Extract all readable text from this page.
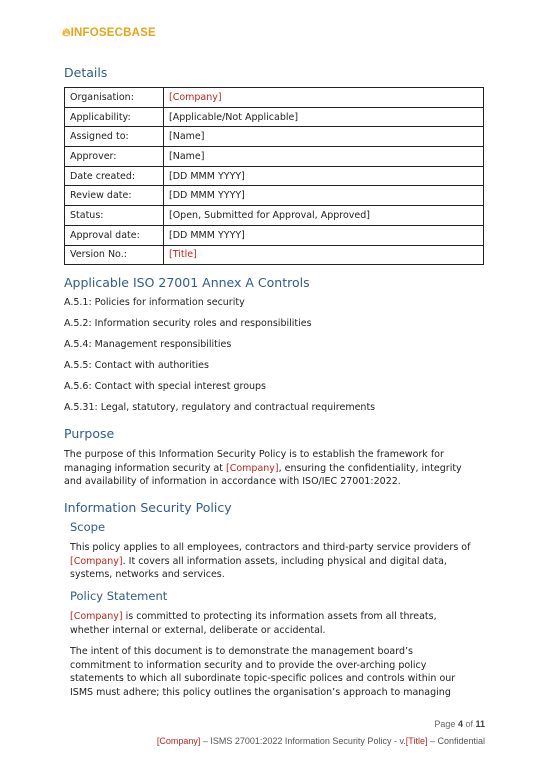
🔥︎INFOSECBASE
Details
Organisation:	[Company]
Applicability:	[Applicable/Not Applicable]
Assigned to:	[Name]
Approver:	[Name]
Date created:	[DD MMM YYYY]
Review date:	[DD MMM YYYY]
Status:	[Open, Submitted for Approval, Approved]
Approval date:	[DD MMM YYYY]
Version No.:	[Title]
Applicable ISO 27001 Annex A Controls

A.5.1: Policies for information security

A.5.2: Information security roles and responsibilities

A.5.4: Management responsibilities

A.5.5: Contact with authorities

A.5.6: Contact with special interest groups

A.5.31: Legal, statutory, regulatory and contractual requirements

Purpose
The purpose of this Information Security Policy is to establish the framework for
managing information security at [Company], ensuring the confidentiality, integrity
and availability of information in accordance with ISO/IEC 27001:2022.
Information Security Policy
Scope
This policy applies to all employees, contractors and third-party service providers of
[Company]. It covers all information assets, including physical and digital data,
systems, networks and services.
Policy Statement
[Company] is committed to protecting its information assets from all threats,
whether internal or external, deliberate or accidental.
The intent of this document is to demonstrate the management board’s
commitment to information security and to provide the over-arching policy
statements to which all subordinate topic-specific polices and controls within our
ISMS must adhere; this policy outlines the organisation’s approach to managing
Page 4 of 11
[Company] – ISMS 27001:2022 Information Security Policy - v.[Title] – Confidential
